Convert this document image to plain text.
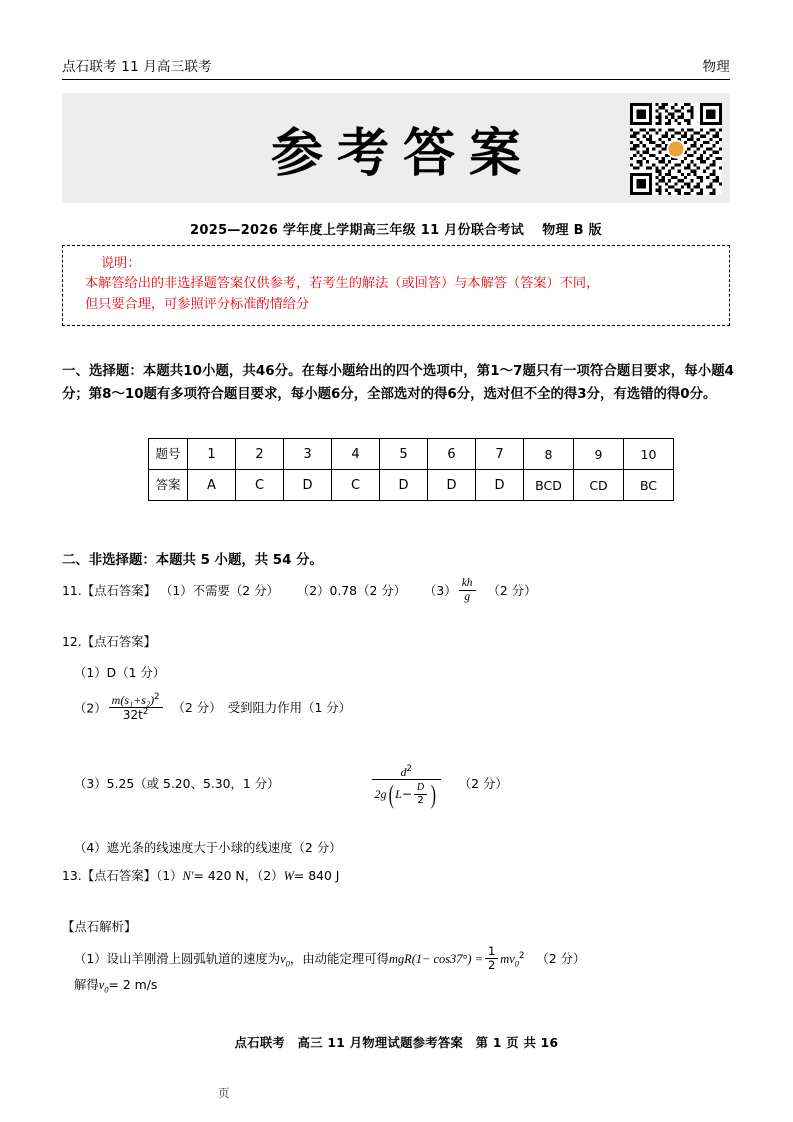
点石联考 11 月高三联考	物理
参考答案
2025—2026 学年度上学期高三年级 11 月份联合考试　 物理 B 版
说明：
本解答给出的非选择题答案仅供参考，若考生的解法（或回答）与本解答（答案）不同，
但只要合理，可参照评分标准酌情给分
一、选择题：本题共10小题，共46分。在每小题给出的四个选项中，第1～7题只有一项符合题目要求，每小题4分；第8～10题有多项符合题目要求，每小题6分，全部选对的得6分，选对但不全的得3分，有选错的得0分。
题号	1	2	3	4	5	6	7	8	9	10
答案	A	C	D	C	D	D	D	BCD	CD	BC
二、非选择题：本题共 5 小题，共 54 分。
11.【点石答案】 （1）不需要（2 分） （2）0.78（2 分） $(3) \frac{kh}{g} (2$ 分）
12.【点石答案】
（1）D（1 分）
$(2) \frac{m(s_1+s_2)^2}{32t^2} (2$ 分）　受到阻力作用（1 分）
（3）5.25（或 5.20、5.30，1 分）	$\frac{d^2}{2g( L- \frac{D}{2} )} (2$ 分）
（4）遮光条的线速度大于小球的线速度（2 分）
13.【点石答案】（1）N′= 420 N，（2）W= 840 J
【点石解析】
（1）设山羊刚滑上圆弧轨道的速度为$v_0$，由动能定理可得$mgR(1- \cos 37^\circ) = \frac{1}{2} mv_0^2$ （2 分）
解得$v_0= 2$ m/s
点石联考　高三 11 月物理试题参考答案　第 1 页 共 16
页
